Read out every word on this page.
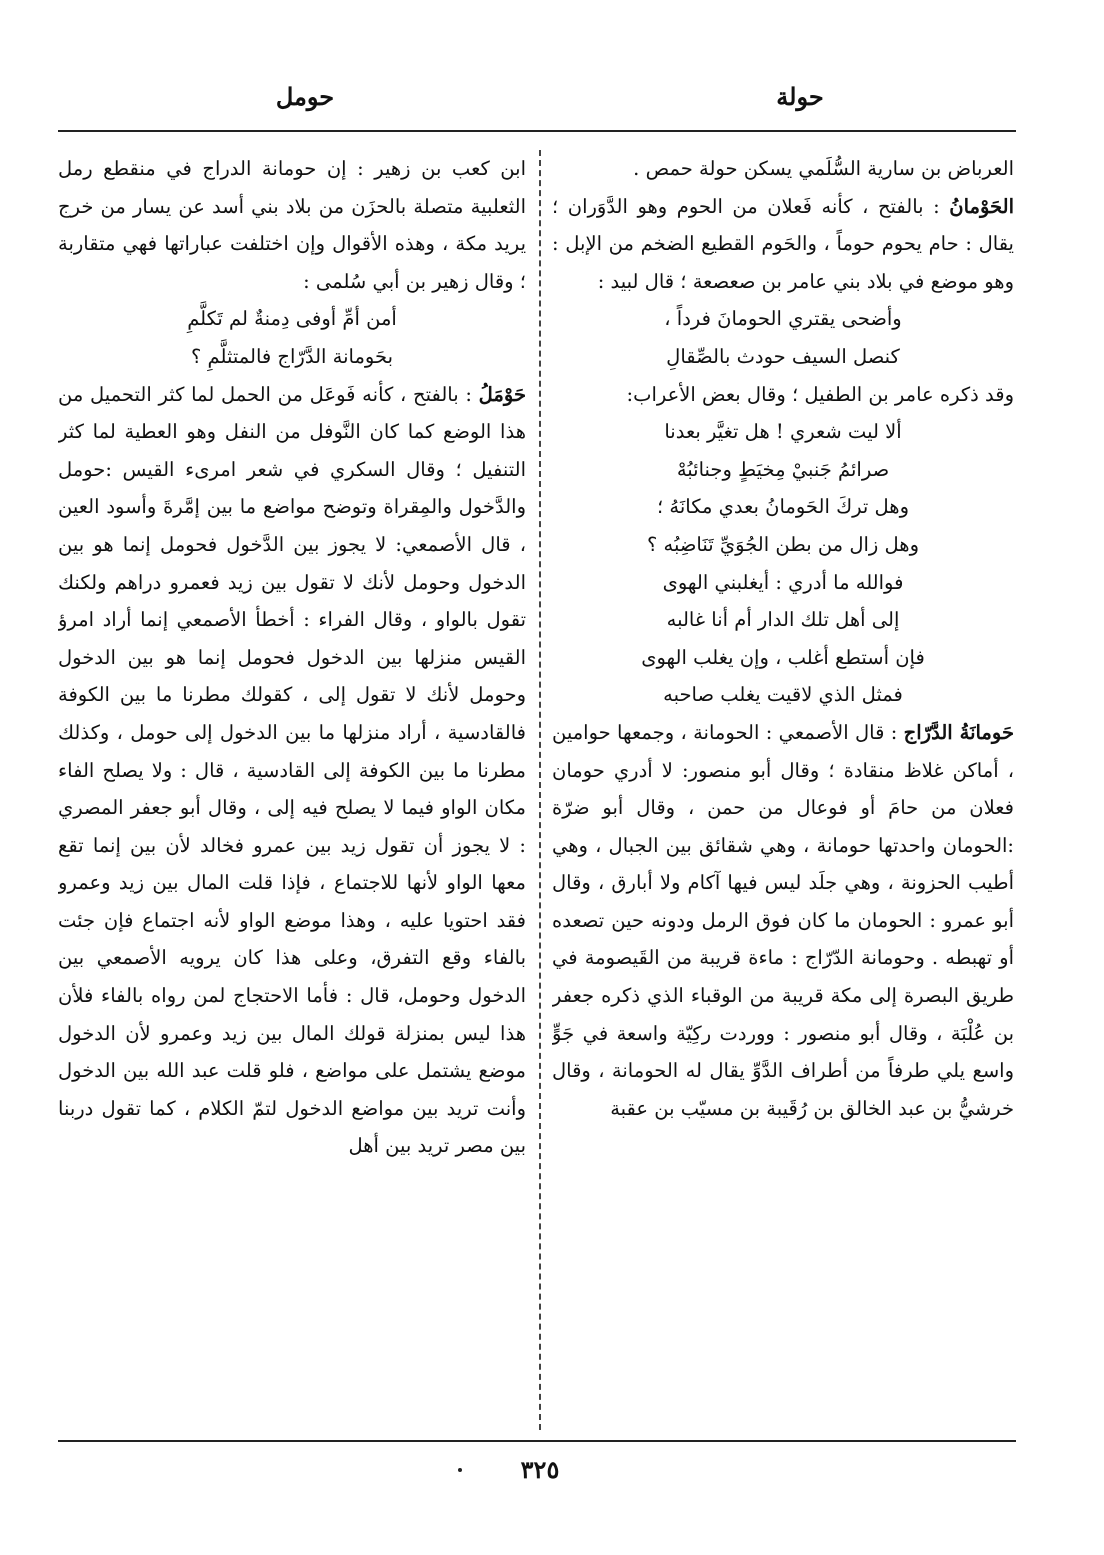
حولة
حومل

العرباض بن سارية السُّلَمي يسكن حولة حمص .

الحَوْمانُ : بالفتح ، كأنه فَعلان من الحوم وهو الدَّوَران ؛ يقال : حام يحوم حوماً ، والحَوم القطيع الضخم من الإبل : وهو موضع في بلاد بني عامر بن صعصعة ؛ قال لبيد :

وأضحى يقتري الحومانَ فرداً ،

كنصل السيف حودث بالصِّقالِ

وقد ذكره عامر بن الطفيل ؛ وقال بعض الأعراب:

ألا ليت شعري ! هل تغيَّر بعدنا

صرائمُ جَنبيْ مِخيَطٍ وجنائبُهْ

وهل تركَ الحَومانُ بعدي مكانَهُ ؛

وهل زال من بطن الجُوَيِّ تَنَاضِبُه ؟

فوالله ما أدري : أيغلبني الهوى

إلى أهل تلك الدار أم أنا غالبه

فإن أستطع أغلب ، وإن يغلب الهوى

فمثل الذي لاقيت يغلب صاحبه

حَومانَةُ الدَّرّاج : قال الأصمعي : الحومانة ، وجمعها حوامين ، أماكن غلاظ منقادة ؛ وقال أبو منصور: لا أدري حومان فعلان من حامَ أو فوعال من حمن ، وقال أبو ضرّة :الحومان واحدتها حومانة ، وهي شقائق بين الجبال ، وهي أطيب الحزونة ، وهي جلَد ليس فيها آكام ولا أبارق ، وقال أبو عمرو : الحومان ما كان فوق الرمل ودونه حين تصعده أو تهبطه . وحومانة الدّرّاج : ماءة قريبة من القَيصومة في طريق البصرة إلى مكة قريبة من الوقباء الذي ذكره جعفر بن عُلْبَة ، وقال أبو منصور : ووردت ركِيّة واسعة في جَوٍّ واسع يلي طرفاً من أطراف الدَّوِّ يقال له الحومانة ، وقال خرشيُّ بن عبد الخالق بن رُقَيبة بن مسيّب بن عقبة

ابن كعب بن زهير : إن حومانة الدراج في منقطع رمل الثعلبية متصلة بالحزَن من بلاد بني أسد عن يسار من خرج يريد مكة ، وهذه الأقوال وإن اختلفت عباراتها فهي متقاربة ؛ وقال زهير بن أبي سُلمى :

أمن أمِّ أوفى دِمنةٌ لم تَكلَّمِ

بحَومانة الدَّرّاج فالمتثلَّمِ ؟

حَوْمَلُ : بالفتح ، كأنه فَوعَل من الحمل لما كثر التحميل من هذا الوضع كما كان النَّوفل من النفل وهو العطية لما كثر التنفيل ؛ وقال السكري في شعر امرىء القيس :حومل والدَّخول والمِقراة وتوضح مواضع ما بين إمَّرةَ وأسود العين ، قال الأصمعي: لا يجوز بين الدَّخول فحومل إنما هو بين الدخول وحومل لأنك لا تقول بين زيد فعمرو دراهم ولكنك تقول بالواو ، وقال الفراء : أخطأ الأصمعي إنما أراد امرؤ القيس منزلها بين الدخول فحومل إنما هو بين الدخول وحومل لأنك لا تقول إلى ، كقولك مطرنا ما بين الكوفة فالقادسية ، أراد منزلها ما بين الدخول إلى حومل ، وكذلك مطرنا ما بين الكوفة إلى القادسية ، قال : ولا يصلح الفاء مكان الواو فيما لا يصلح فيه إلى ، وقال أبو جعفر المصري : لا يجوز أن تقول زيد بين عمرو فخالد لأن بين إنما تقع معها الواو لأنها للاجتماع ، فإذا قلت المال بين زيد وعمرو فقد احتويا عليه ، وهذا موضع الواو لأنه اجتماع فإن جئت بالفاء وقع التفرق، وعلى هذا كان يرويه الأصمعي بين الدخول وحومل، قال : فأما الاحتجاج لمن رواه بالفاء فلأن هذا ليس بمنزلة قولك المال بين زيد وعمرو لأن الدخول موضع يشتمل على مواضع ، فلو قلت عبد الله بين الدخول وأنت تريد بين مواضع الدخول لتمّ الكلام ، كما تقول دربنا بين مصر تريد بين أهل

٣٢٥
